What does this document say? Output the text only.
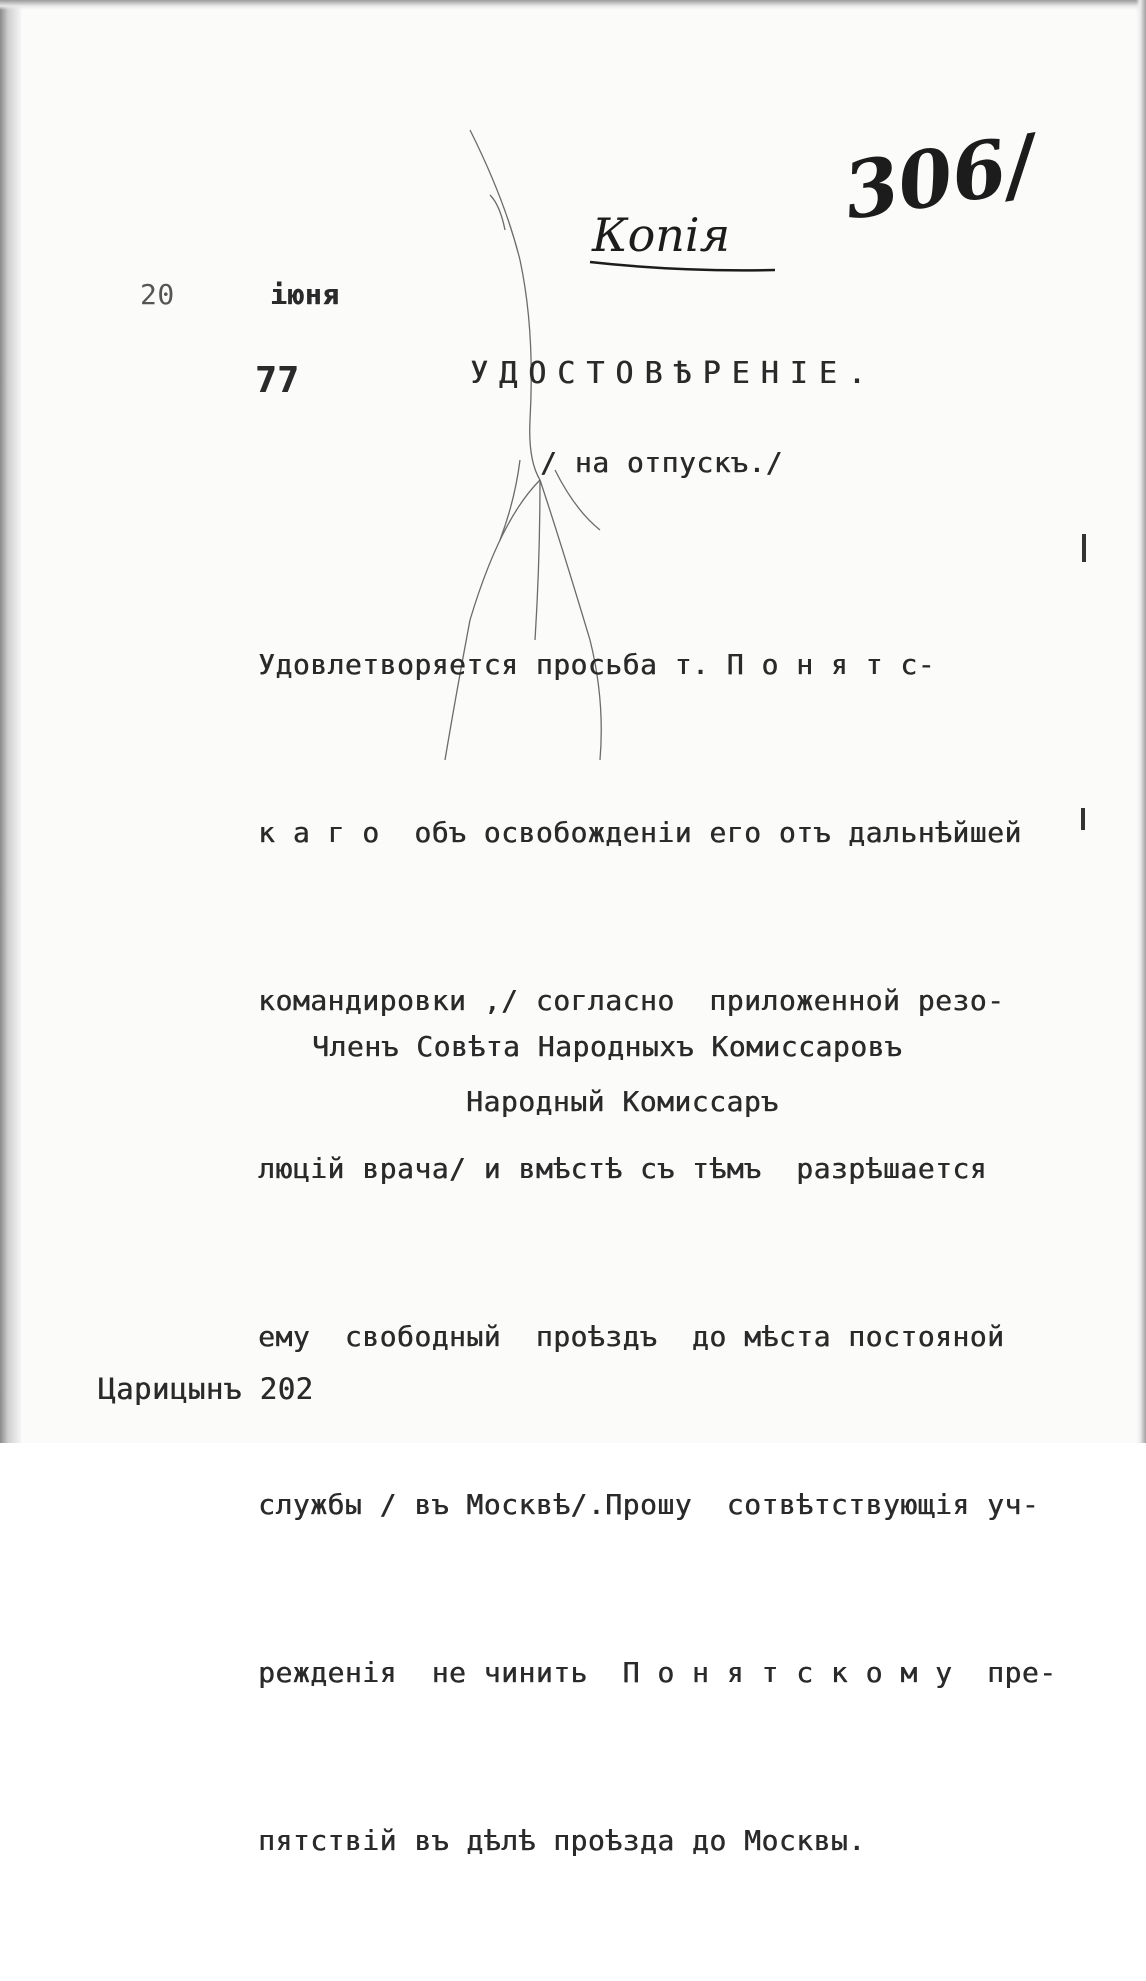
306/
Копiя
20	iюня
77	УДОСТОВѢРЕНIЕ.
/ на отпускъ./

Удовлетворяется просьба т. П о н я т с-

к а г о  объ освобожденiи его отъ дальнѣйшей

командировки ,/ согласно  приложенной резо-

люцiй врача/ и вмѣстѣ съ тѣмъ  разрѣшается

ему  свободный  проѣздъ  до мѣста постояной

службы / въ Москвѣ/.Прошу  сотвѣтствующiя уч-

режденiя  не чинить  П о н я т с к о м у  пре-

пятствiй въ дѣлѣ проѣзда до Москвы.

Членъ Совѣта Народныхъ Комиссаровъ
Народный Комиссаръ
Царицынъ 202
